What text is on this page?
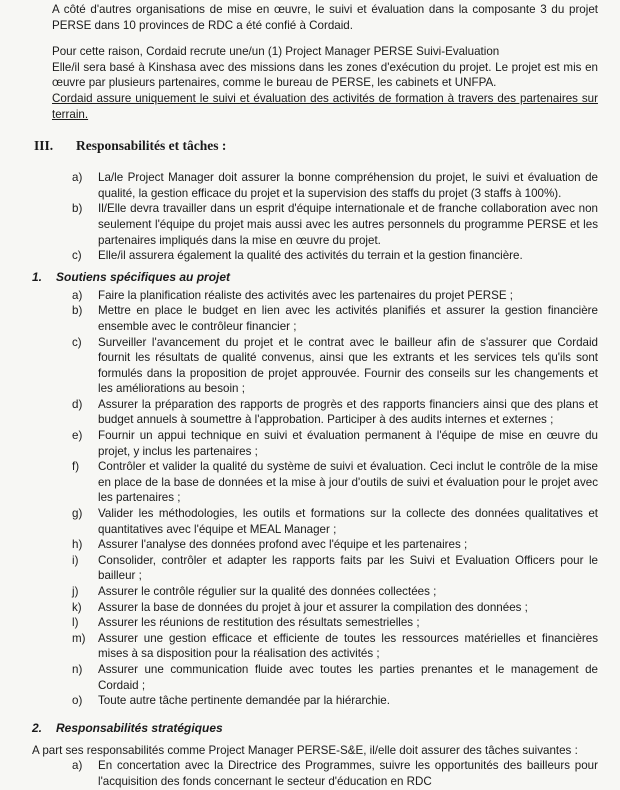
A côté d'autres organisations de mise en œuvre, le suivi et évaluation dans la composante 3 du projet PERSE dans 10 provinces de RDC a été confié à Cordaid.

Pour cette raison, Cordaid recrute une/un (1) Project Manager PERSE Suivi-Evaluation

Elle/il sera basé à Kinshasa avec des missions dans les zones d'exécution du projet. Le projet est mis en œuvre par plusieurs partenaires, comme le bureau de PERSE, les cabinets et UNFPA.

Cordaid assure uniquement le suivi et évaluation des activités de formation à travers des partenaires sur terrain.

III. Responsabilités et tâches :

a)	La/le Project Manager doit assurer la bonne compréhension du projet, le suivi et évaluation de qualité, la gestion efficace du projet et la supervision des staffs du projet (3 staffs à 100%).
b)	Il/Elle devra travailler dans un esprit d'équipe internationale et de franche collaboration avec non seulement l'équipe du projet mais aussi avec les autres personnels du programme PERSE et les partenaires impliqués dans la mise en œuvre du projet.
c)	Elle/il assurera également la qualité des activités du terrain et la gestion financière.

1. Soutiens spécifiques au projet

a)	Faire la planification réaliste des activités avec les partenaires du projet PERSE ;
b)	Mettre en place le budget en lien avec les activités planifiés et assurer la gestion financière ensemble avec le contrôleur financier ;
c)	Surveiller l'avancement du projet et le contrat avec le bailleur afin de s'assurer que Cordaid fournit les résultats de qualité convenus, ainsi que les extrants et les services tels qu'ils sont formulés dans la proposition de projet approuvée. Fournir des conseils sur les changements et les améliorations au besoin ;
d)	Assurer la préparation des rapports de progrès et des rapports financiers ainsi que des plans et budget annuels à soumettre à l'approbation. Participer à des audits internes et externes ;
e)	Fournir un appui technique en suivi et évaluation permanent à l'équipe de mise en œuvre du projet, y inclus les partenaires ;
f)	Contrôler et valider la qualité du système de suivi et évaluation. Ceci inclut le contrôle de la mise en place de la base de données et la mise à jour d'outils de suivi et évaluation pour le projet avec les partenaires ;
g)	Valider les méthodologies, les outils et formations sur la collecte des données qualitatives et quantitatives avec l'équipe et MEAL Manager ;
h)	Assurer l'analyse des données profond avec l'équipe et les partenaires ;
i)	Consolider, contrôler et adapter les rapports faits par les Suivi et Evaluation Officers pour le bailleur ;
j)	Assurer le contrôle régulier sur la qualité des données collectées ;
k)	Assurer la base de données du projet à jour et assurer la compilation des données ;
l)	Assurer les réunions de restitution des résultats semestrielles ;
m)	Assurer une gestion efficace et efficiente de toutes les ressources matérielles et financières mises à sa disposition pour la réalisation des activités ;
n)	Assurer une communication fluide avec toutes les parties prenantes et le management de Cordaid ;
o)	Toute autre tâche pertinente demandée par la hiérarchie.

2. Responsabilités stratégiques

A part ses responsabilités comme Project Manager PERSE-S&E, il/elle doit assurer des tâches suivantes :

a)	En concertation avec la Directrice des Programmes, suivre les opportunités des bailleurs pour l'acquisition des fonds concernant le secteur d'éducation en RDC
